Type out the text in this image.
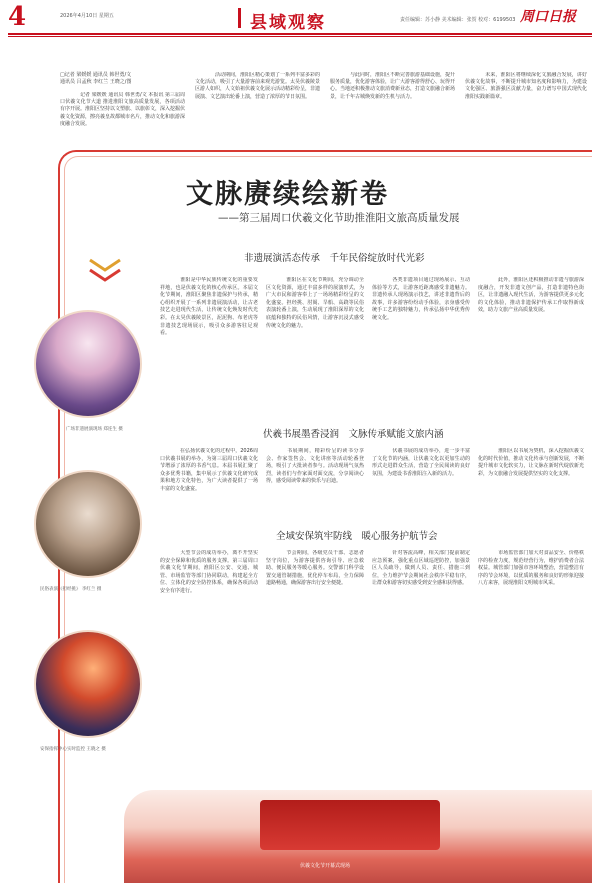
4	2026年4月10日 星期五	县域观察	责任编辑：苏小静 美术编辑：张贺 校对：6199503 周口日报
□记者 梁媛媛 通讯员 韩世勇/文
通讯员 吕孟秋 李红兰 王晓之/图

　　记者 梁媛媛 通讯员 韩世勇/文 本报讯 第三届周口伏羲文化节大道 推进淮阳文旅高质量发展，各项活动有序开展。淮阳区坚持以文塑旅、以旅彰文，深入挖掘伏羲文化资源，擦亮羲皇故都城市名片，推动文化和旅游深度融合发展。

　　活动期间，淮阳区精心策划了一系列丰富多彩的文化活动，吸引了大量游客前来观光游览。太昊伏羲陵景区游人如织，人文始祖伏羲文化展示活动精彩纷呈，非遗展演、文艺演出轮番上演，营造了浓厚的节日氛围。

　　与此同时，淮阳区不断完善旅游基础设施，提升服务质量，优化游客体验，让广大游客游得舒心、玩得开心。当地还积极推动文旅消费新业态，打造文旅融合新场景，让千年古城焕发新的生机与活力。

　　未来，淮阳区将继续深化文旅融合发展，讲好伏羲文化故事，不断提升城市知名度和影响力，为建设文化强区、旅游强区贡献力量，奋力谱写中国式现代化淮阳实践新篇章。

文脉赓续绘新卷
——第三届周口伏羲文化节助推淮阳文旅高质量发展
非遗展演活态传承　千年民俗绽放时代光彩

　　淮阳是中华民族传统文化的重要发祥地，也是伏羲文化的核心传承区。本届文化节期间，淮阳区聚焦非遗保护与传承，精心组织开展了一系列非遗展演活动，让古老技艺走进现代生活，让传统文化焕发时代光彩。在太昊伏羲陵景区，泥泥狗、布老虎等非遗技艺现场展示，吸引众多游客驻足观看。

　　淮阳区在文化节期间，充分调动全区文化资源，通过丰富多样的展演形式，为广大市民和游客奉上了一场场精彩纷呈的文化盛宴。担经挑、肘阁、旱船、高跷等民俗表演轮番上演，生动展现了淮阳深厚的文化底蕴和独特的民俗风情，让游客沉浸式感受传统文化的魅力。

　　各类非遗项目通过现场展示、互动体验等方式，让游客近距离感受非遗魅力。非遗传承人现场演示技艺，讲述非遗背后的故事，许多游客纷纷动手体验，亲身感受传统手工艺的独特魅力，传承弘扬中华优秀传统文化。

　　此外，淮阳区还积极推动非遗与旅游深度融合，开发非遗文创产品，打造非遗特色街区，让非遗融入现代生活，为游客提供更多元化的文化体验，推动非遗保护传承工作取得新成效，助力文旅产业高质量发展。

伏羲书展墨香浸润　文脉传承赋能文旅内涵

　　在弘扬伏羲文化的过程中，2026周口伏羲书展的举办，为第三届周口伏羲文化节增添了浓厚的书香气息。本届书展汇聚了众多优秀书籍，集中展示了伏羲文化研究成果和地方文化特色，为广大读者提供了一场丰富的文化盛宴。

　　书展期间，精彩纷呈的读书分享会、作家签售会、文化讲座等活动轮番登场，吸引了大批读者参与。活动现场气氛热烈，读者们与作家面对面交流，分享阅读心得，感受阅读带来的快乐与启迪。

　　伏羲书展的成功举办，进一步丰富了文化节的内涵，让伏羲文化以更加生动的形式走进群众生活，营造了全民阅读的良好氛围，为建设书香淮阳注入新的活力。

　　淮阳区以书展为契机，深入挖掘伏羲文化的时代价值，推动文化传承与创新发展，不断提升城市文化软实力，让文脉在新时代绽放新光彩，为文旅融合发展提供坚实的文化支撑。

全域安保筑牢防线　暖心服务护航节会

　　大型节会的成功举办，离不开坚实的安全保障和优质的服务支撑。第三届周口伏羲文化节期间，淮阳区公安、交通、城管、市场监管等部门协同联动，构建起全方位、立体化的安全防控体系，确保各项活动安全有序进行。

　　节会期间，各级党员干部、志愿者坚守岗位，为游客提供咨询引导、应急救助、便民服务等暖心服务。交警部门科学设置交通管制措施，优化停车布局，全力保障道路畅通，确保游客出行安全便捷。

　　针对客流高峰，相关部门提前制定应急预案，强化重点区域巡逻防控，加强景区人员疏导，做到人员、责任、措施三到位，全力维护节会期间社会秩序平稳有序，让群众和游客切实感受到安全感和获得感。

　　市场监管部门加大对食品安全、价格秩序的检查力度，规范经营行为，维护消费者合法权益。城管部门加强市容环境整治，营造整洁有序的节会环境，以优质的服务和良好的形象迎接八方来客，展现淮阳文明城市风采。

广场非遗展演现场 郑连生 摄
民俗表演《担经挑》 李红兰 摄
安保指挥中心实时监控 王晓之 摄
伏羲文化节开幕式现场
